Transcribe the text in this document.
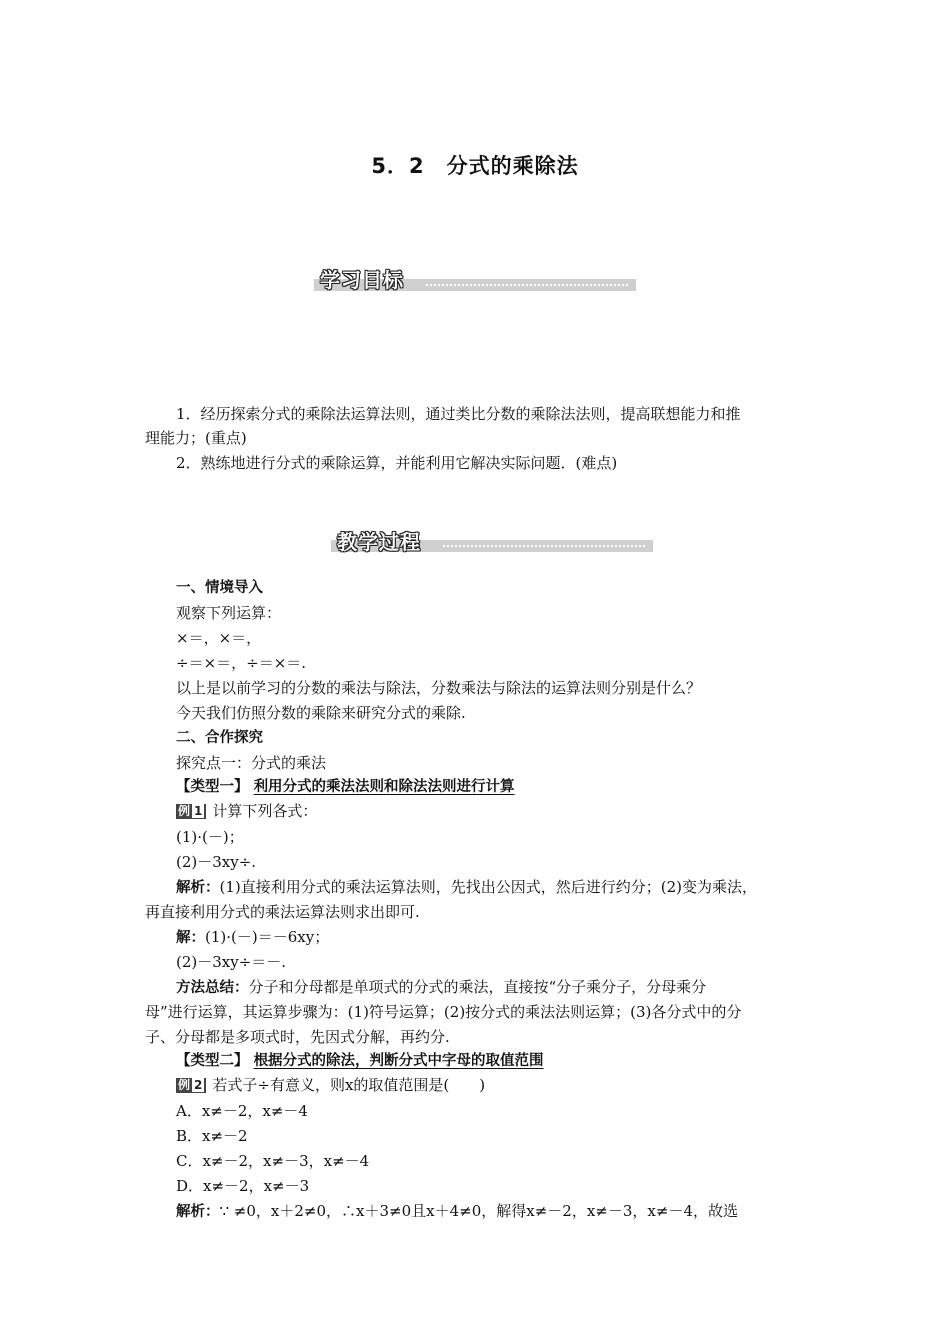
5．2　分式的乘除法
学习目标
1．经历探索分式的乘除法运算法则，通过类比分数的乘除法法则，提高联想能力和推
理能力；(重点)
2．熟练地进行分式的乘除运算，并能利用它解决实际问题．(难点)
教学过程
一、情境导入
观察下列运算：
×＝，×＝，
÷＝×＝，÷＝×＝.
以上是以前学习的分数的乘法与除法，分数乘法与除法的运算法则分别是什么？
今天我们仿照分数的乘除来研究分式的乘除.
二、合作探究
探究点一：分式的乘法
【类型一】 利用分式的乘法法则和除法法则进行计算
例 1 计算下列各式：
(1)·(－)；
(2)－3xy÷.
解析：(1)直接利用分式的乘法运算法则，先找出公因式，然后进行约分；(2)变为乘法，
再直接利用分式的乘法运算法则求出即可.
解：(1)·(－)＝－6xy；
(2)－3xy÷＝－.
方法总结：分子和分母都是单项式的分式的乘法，直接按“分子乘分子，分母乘分
母”进行运算，其运算步骤为：(1)符号运算；(2)按分式的乘法法则运算；(3)各分式中的分
子、分母都是多项式时，先因式分解，再约分.
【类型二】 根据分式的除法，判断分式中字母的取值范围
例 2 若式子÷有意义，则x的取值范围是(　　)
A．x≠－2，x≠－4
B．x≠－2
C．x≠－2，x≠－3，x≠－4
D．x≠－2，x≠－3
解析：∵ ≠0，x＋2≠0，∴x＋3≠0且x＋4≠0，解得x≠－2，x≠－3，x≠－4，故选
